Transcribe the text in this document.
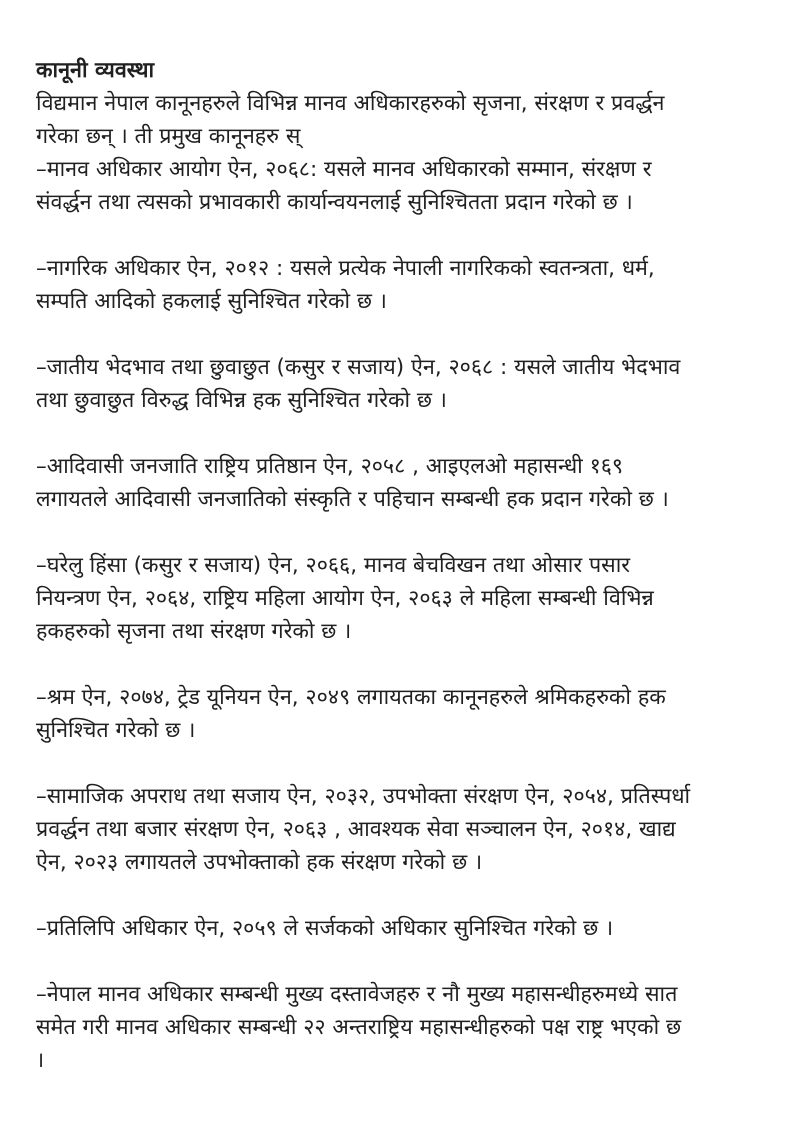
कानूनी व्यवस्था
विद्यमान नेपाल कानूनहरुले विभिन्न मानव अधिकारहरुको सृजना, संरक्षण र प्रवर्द्धन
गरेका छन् । ती प्रमुख कानूनहरु स्
–मानव अधिकार आयोग ऐन, २०६८: यसले मानव अधिकारको सम्मान, संरक्षण र
संवर्द्धन तथा त्यसको प्रभावकारी कार्यान्वयनलाई सुनिश्चितता प्रदान गरेको छ ।
–नागरिक अधिकार ऐन, २०१२ : यसले प्रत्येक नेपाली नागरिकको स्वतन्त्रता, धर्म,
सम्पति आदिको हकलाई सुनिश्चित गरेको छ ।
–जातीय भेदभाव तथा छुवाछुत (कसुर र सजाय) ऐन, २०६८ : यसले जातीय भेदभाव
तथा छुवाछुत विरुद्ध विभिन्न हक सुनिश्चित गरेको छ ।
–आदिवासी जनजाति राष्ट्रिय प्रतिष्ठान ऐन, २०५८ , आइएलओ महासन्धी १६९
लगायतले आदिवासी जनजातिको संस्कृति र पहिचान सम्बन्धी हक प्रदान गरेको छ ।
–घरेलु हिंसा (कसुर र सजाय) ऐन, २०६६, मानव बेचविखन तथा ओसार पसार
नियन्त्रण ऐन, २०६४, राष्ट्रिय महिला आयोग ऐन, २०६३ ले महिला सम्बन्धी विभिन्न
हकहरुको सृजना तथा संरक्षण गरेको छ ।
–श्रम ऐन, २०७४, ट्रेड यूनियन ऐन, २०४९ लगायतका कानूनहरुले श्रमिकहरुको हक
सुनिश्चित गरेको छ ।
–सामाजिक अपराध तथा सजाय ऐन, २०३२, उपभोक्ता संरक्षण ऐन, २०५४, प्रतिस्पर्धा
प्रवर्द्धन तथा बजार संरक्षण ऐन, २०६३ , आवश्यक सेवा सञ्चालन ऐन, २०१४, खाद्य
ऐन, २०२३ लगायतले उपभोक्ताको हक संरक्षण गरेको छ ।
–प्रतिलिपि अधिकार ऐन, २०५९ ले सर्जकको अधिकार सुनिश्चित गरेको छ ।
–नेपाल मानव अधिकार सम्बन्धी मुख्य दस्तावेजहरु र नौ मुख्य महासन्धीहरुमध्ये सात
समेत गरी मानव अधिकार सम्बन्धी २२ अन्तराष्ट्रिय महासन्धीहरुको पक्ष राष्ट्र भएको छ
।
